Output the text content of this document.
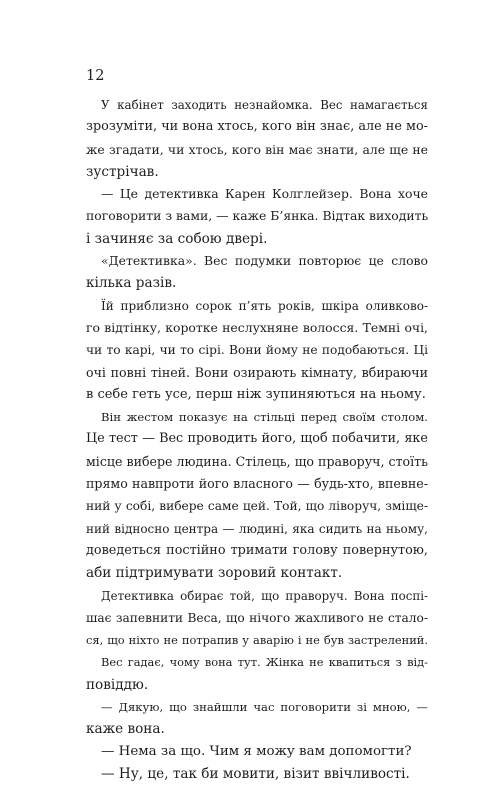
12
У кабінет заходить незнайомка. Вес намагається
зрозуміти, чи вона хтось, кого він знає, але не мо-
же згадати, чи хтось, кого він має знати, але ще не
зустрічав.
— Це детективка Карен Колглейзер. Вона хоче
поговорити з вами, — каже Б’янка. Відтак виходить
і зачиняє за собою двері.
«Детективка». Вес подумки повторює це слово
кілька разів.
Їй приблизно сорок п’ять років, шкіра оливково-
го відтінку, коротке неслухняне волосся. Темні очі,
чи то карі, чи то сірі. Вони йому не подобаються. Ці
очі повні тіней. Вони озирають кімнату, вбираючи
в себе геть усе, перш ніж зупиняються на ньому.
Він жестом показує на стільці перед своїм столом.
Це тест — Вес проводить його, щоб побачити, яке
місце вибере людина. Стілець, що праворуч, стоїть
прямо навпроти його власного — будь-хто, впевне-
ний у собі, вибере саме цей. Той, що ліворуч, зміще-
ний відносно центра — людині, яка сидить на ньому,
доведеться постійно тримати голову повернутою,
аби підтримувати зоровий контакт.
Детективка обирає той, що праворуч. Вона поспі-
шає запевнити Веса, що нічого жахливого не стало-
ся, що ніхто не потрапив у аварію і не був застрелений.
Вес гадає, чому вона тут. Жінка не квапиться з від-
повіддю.
— Дякую, що знайшли час поговорити зі мною, —
каже вона.
— Нема за що. Чим я можу вам допомогти?
— Ну, це, так би мовити, візит ввічливості.
